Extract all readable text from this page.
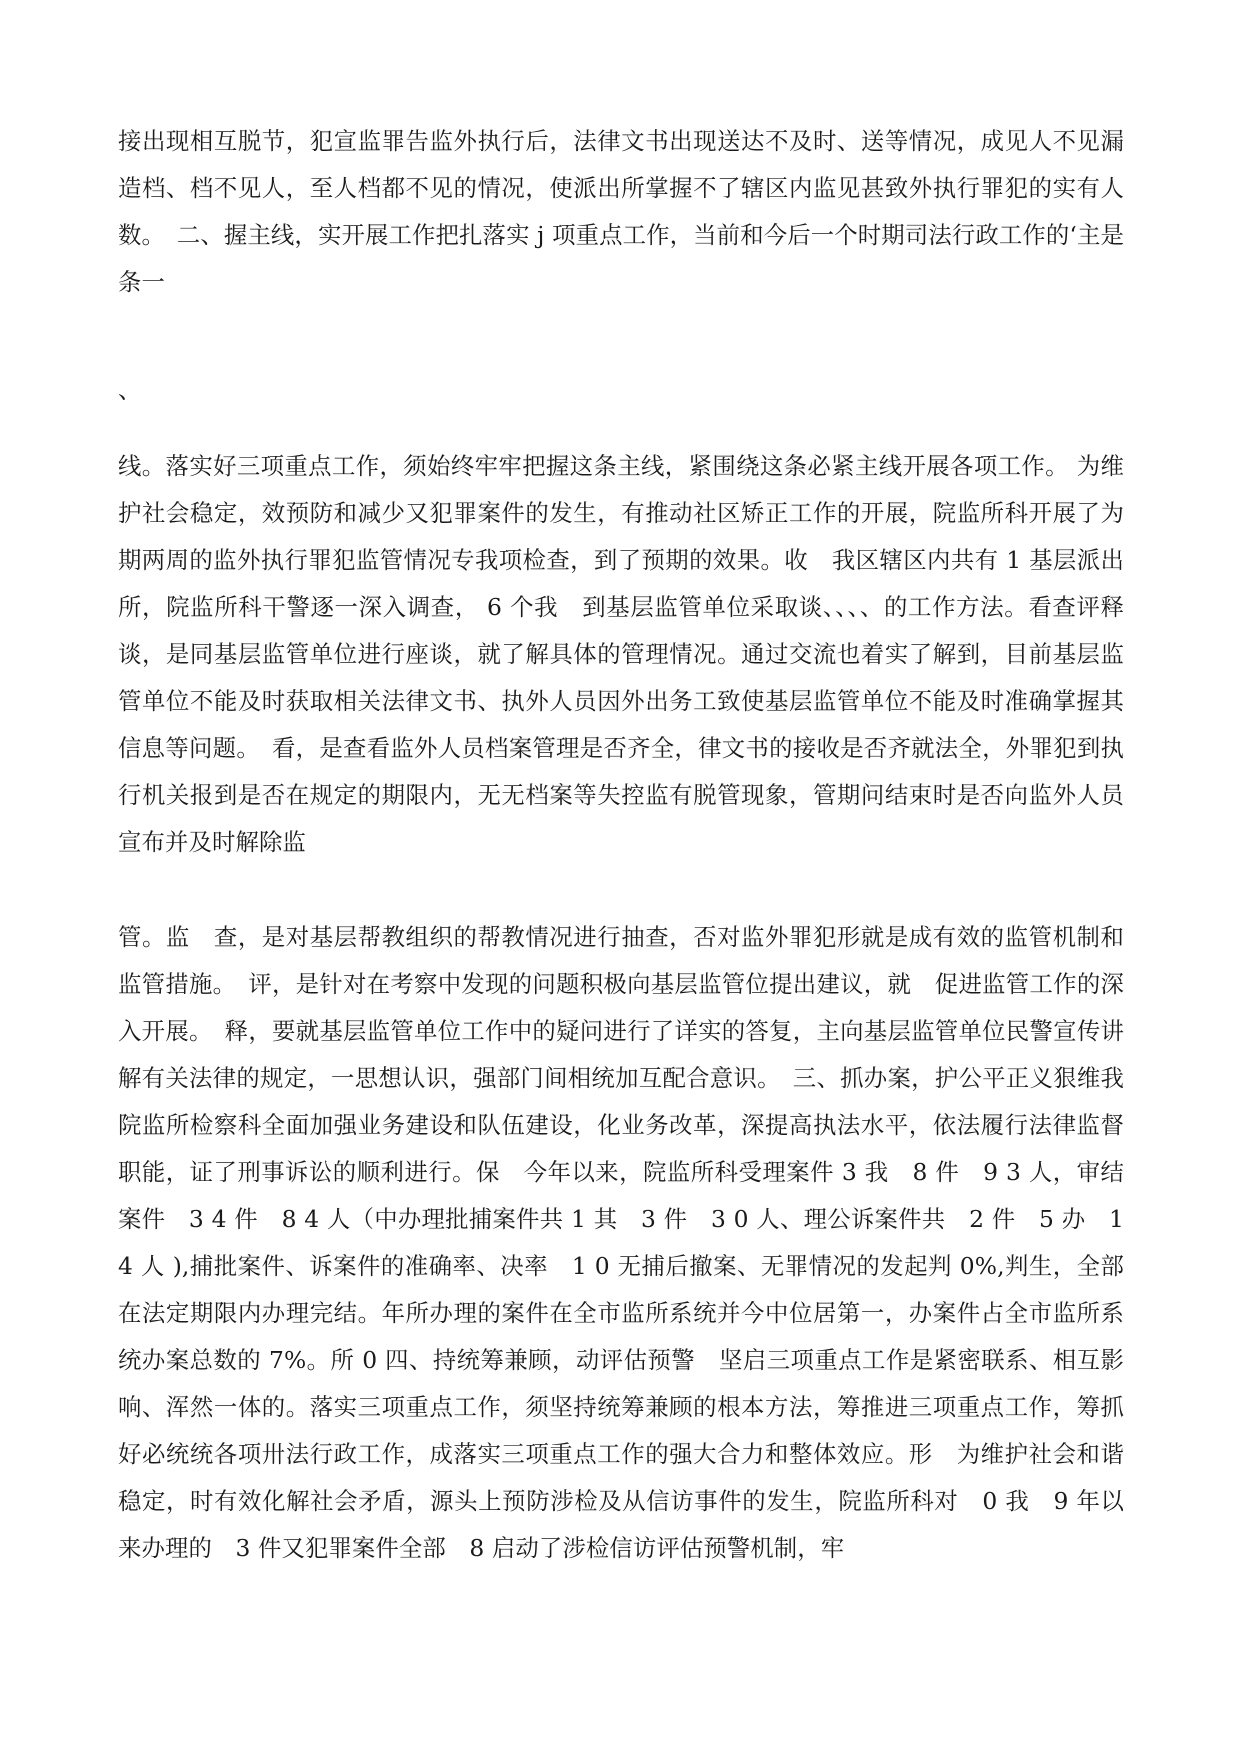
接出现相互脱节，犯宣监罪告监外执行后，法律文书出现送达不及时、送等情况，成见人不见漏造档、档不见人，至人档都不见的情况，使派出所掌握不了辖区内监见甚致外执行罪犯的实有人数。　二、握主线，实开展工作把扎落实 j 项重点工作，当前和今后一个时期司法行政工作的‘主是条一

、

线。落实好三项重点工作，须始终牢牢把握这条主线，紧围绕这条必紧主线开展各项工作。 为维护社会稳定，效预防和减少又犯罪案件的发生，有推动社区矫正工作的开展，院监所科开展了为期两周的监外执行罪犯监管情况专我项检查，到了预期的效果。收　我区辖区内共有 1 基层派出所，院监所科干警逐一深入调查， 6 个我　到基层监管单位采取谈、、、、的工作方法。看查评释　谈，是同基层监管单位进行座谈，就了解具体的管理情况。通过交流也着实了解到，目前基层监管单位不能及时获取相关法律文书、执外人员因外出务工致使基层监管单位不能及时准确掌握其信息等问题。　看，是查看监外人员档案管理是否齐全，律文书的接收是否齐就法全，外罪犯到执行机关报到是否在规定的期限内，无无档案等失控监有脱管现象，管期问结束时是否向监外人员宣布并及时解除监

管。监　查，是对基层帮教组织的帮教情况进行抽查，否对监外罪犯形就是成有效的监管机制和监管措施。　评，是针对在考察中发现的问题积极向基层监管位提出建议，就　促进监管工作的深入开展。　释，要就基层监管单位工作中的疑问进行了详实的答复，主向基层监管单位民警宣传讲解有关法律的规定，一思想认识，强部门间相统加互配合意识。　三、抓办案，护公平正义狠维我院监所检察科全面加强业务建设和队伍建设，化业务改革，深提高执法水平，依法履行法律监督职能，证了刑事诉讼的顺利进行。保　今年以来，院监所科受理案件 3 我　8 件　9 3 人，审结案件　3 4 件　8 4 人（中办理批捕案件共 1 其　3 件　3 0 人、理公诉案件共　2 件　5 办　1 4 人 ),捕批案件、诉案件的准确率、决率　1 0 无捕后撤案、无罪情况的发起判 0%,判生，全部在法定期限内办理完结。年所办理的案件在全市监所系统并今中位居第一，办案件占全市监所系统办案总数的 7%。所 0 四、持统筹兼顾，动评估预警　坚启三项重点工作是紧密联系、相互影响、浑然一体的。落实三项重点工作，须坚持统筹兼顾的根本方法，筹推进三项重点工作，筹抓好必统统各项卅法行政工作，成落实三项重点工作的强大合力和整体效应。形　为维护社会和谐稳定，时有效化解社会矛盾，源头上预防涉检及从信访事件的发生，院监所科对　0 我　9 年以来办理的　3 件又犯罪案件全部　8 启动了涉检信访评估预警机制，牢
